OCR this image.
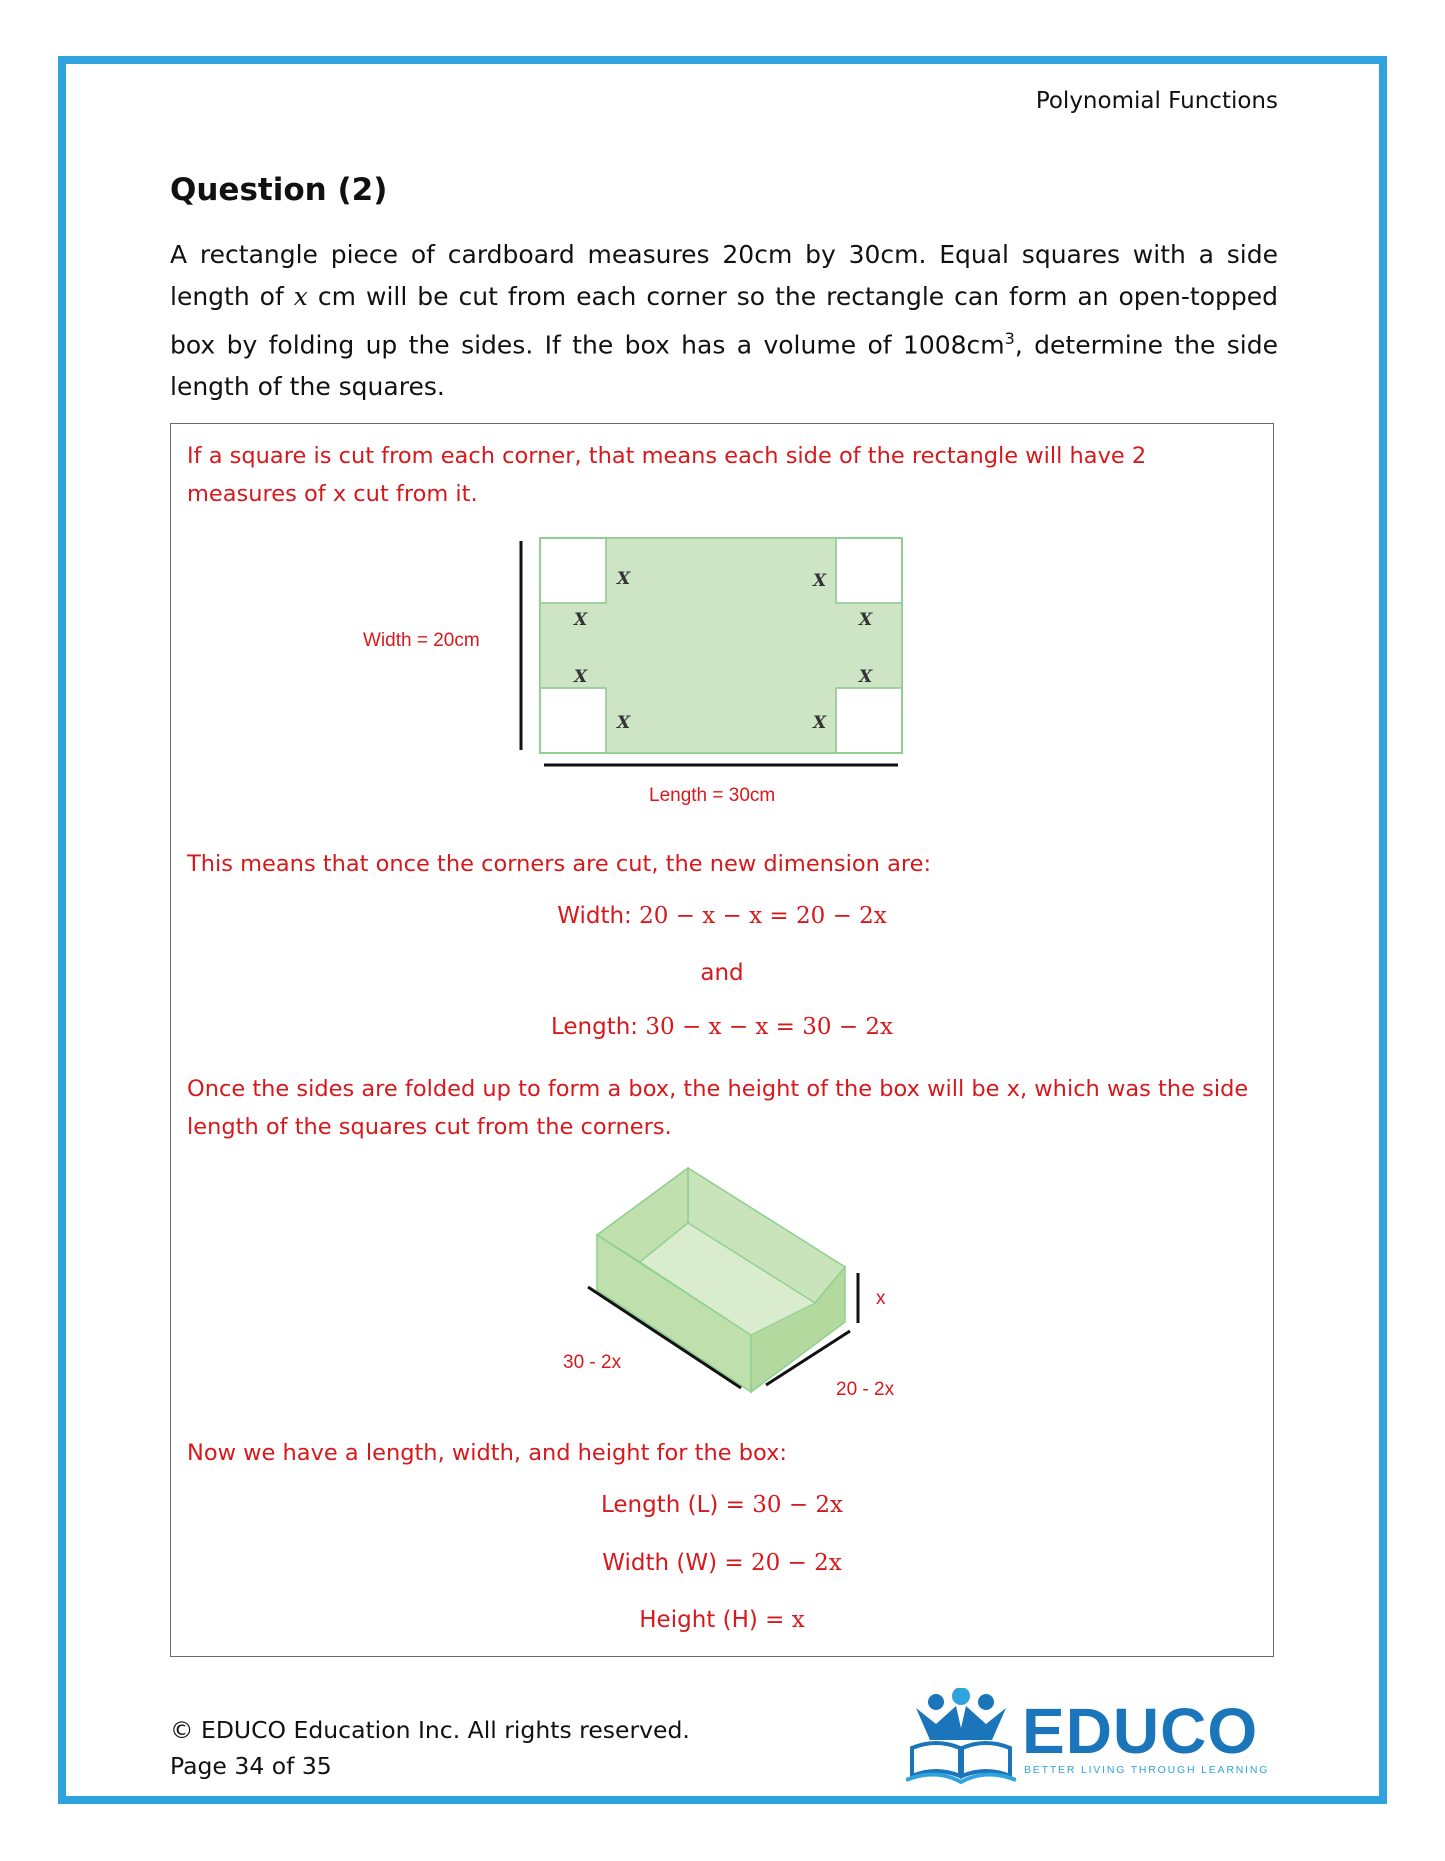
Polynomial Functions
Question (2)
A rectangle piece of cardboard measures 20cm by 30cm. Equal squares with a side length of x cm will be cut from each corner so the rectangle can form an open-topped box by folding up the sides. If the box has a volume of $1008cm^3$, determine the side length of the squares.
If a square is cut from each corner, that means each side of the rectangle will have 2 measures of x cut from it.
X	X
X	X
X	X
X	X
Width = 20cm
Length = 30cm
This means that once the corners are cut, the new dimension are:
Width: 20 − x − x = 20 − 2x
and
Length: 30 − x − x = 30 − 2x
Once the sides are folded up to form a box, the height of the box will be x, which was the side length of the squares cut from the corners.
x
30 - 2x
20 - 2x
Now we have a length, width, and height for the box:
Length (L) = 30 − 2x
Width (W) = 20 − 2x
Height (H) = x
© EDUCO Education Inc. All rights reserved.
Page 34 of 35	EDUCO
BETTER LIVING THROUGH LEARNING
